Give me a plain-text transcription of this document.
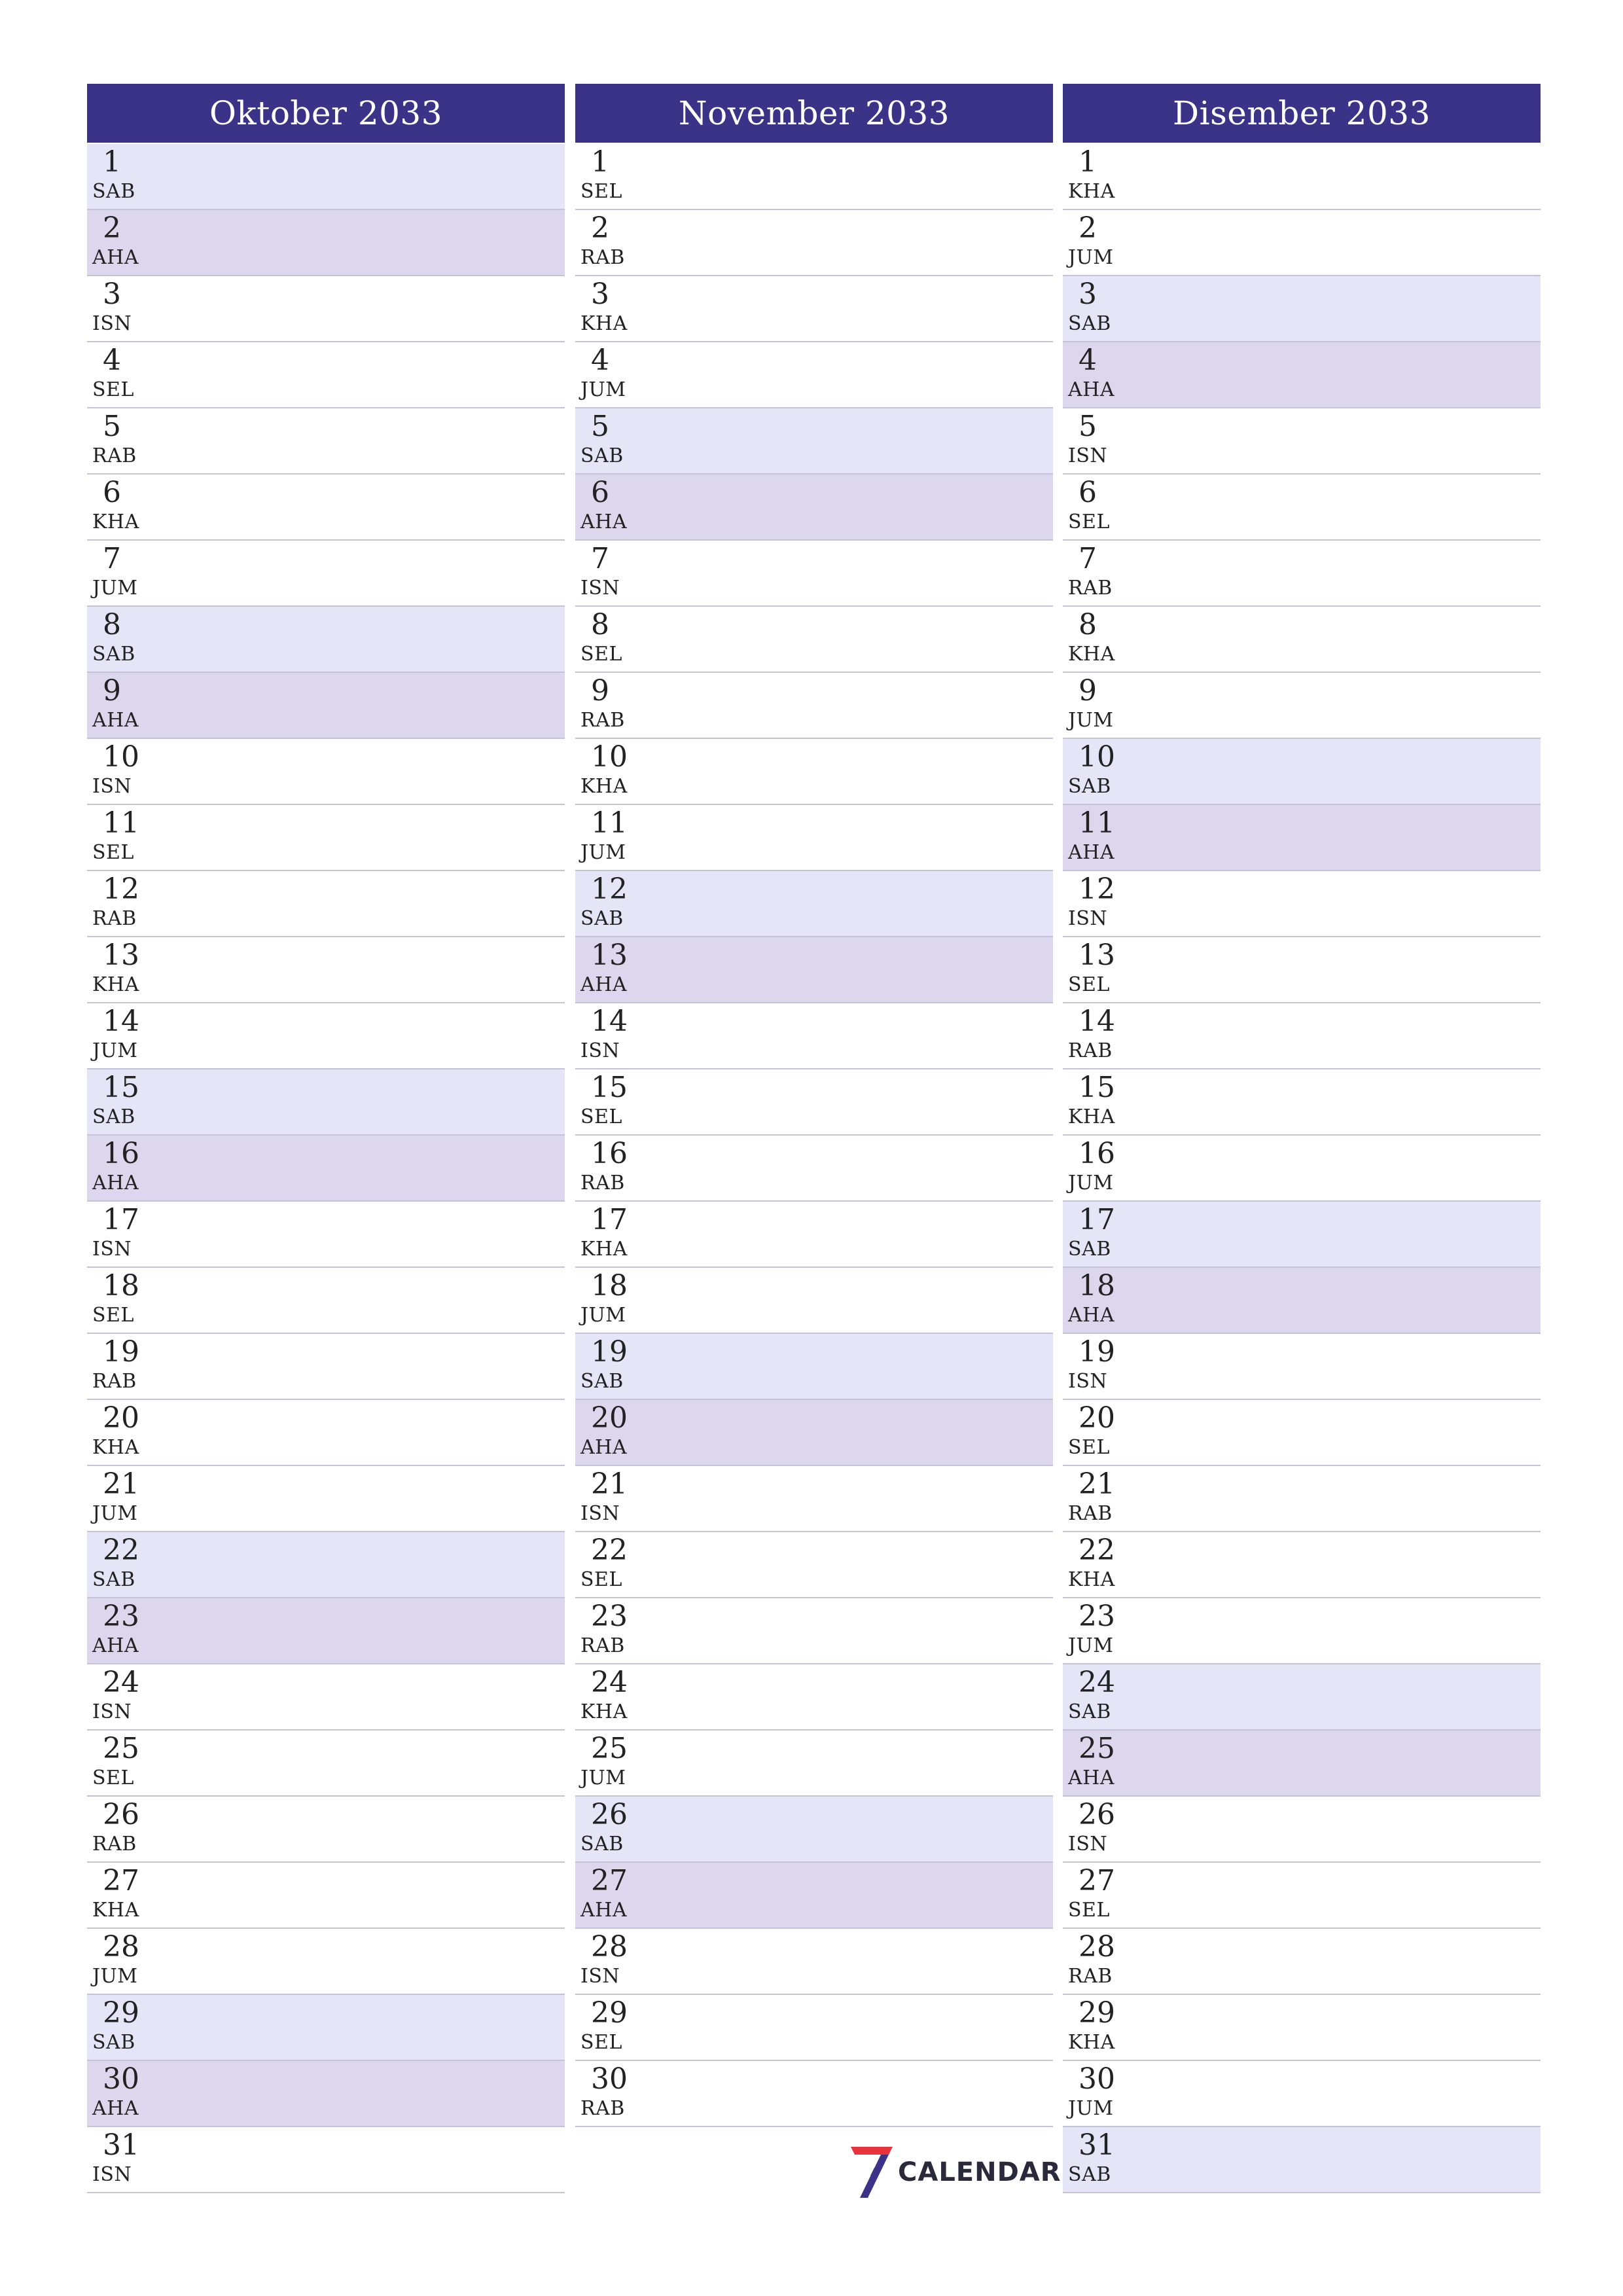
Oktober 2033
1
SAB
2
AHA
3
ISN
4
SEL
5
RAB
6
KHA
7
JUM
8
SAB
9
AHA
10
ISN
11
SEL
12
RAB
13
KHA
14
JUM
15
SAB
16
AHA
17
ISN
18
SEL
19
RAB
20
KHA
21
JUM
22
SAB
23
AHA
24
ISN
25
SEL
26
RAB
27
KHA
28
JUM
29
SAB
30
AHA
31
ISN
November 2033
1
SEL
2
RAB
3
KHA
4
JUM
5
SAB
6
AHA
7
ISN
8
SEL
9
RAB
10
KHA
11
JUM
12
SAB
13
AHA
14
ISN
15
SEL
16
RAB
17
KHA
18
JUM
19
SAB
20
AHA
21
ISN
22
SEL
23
RAB
24
KHA
25
JUM
26
SAB
27
AHA
28
ISN
29
SEL
30
RAB
Disember 2033
1
KHA
2
JUM
3
SAB
4
AHA
5
ISN
6
SEL
7
RAB
8
KHA
9
JUM
10
SAB
11
AHA
12
ISN
13
SEL
14
RAB
15
KHA
16
JUM
17
SAB
18
AHA
19
ISN
20
SEL
21
RAB
22
KHA
23
JUM
24
SAB
25
AHA
26
ISN
27
SEL
28
RAB
29
KHA
30
JUM
31
SAB
CALENDAR
